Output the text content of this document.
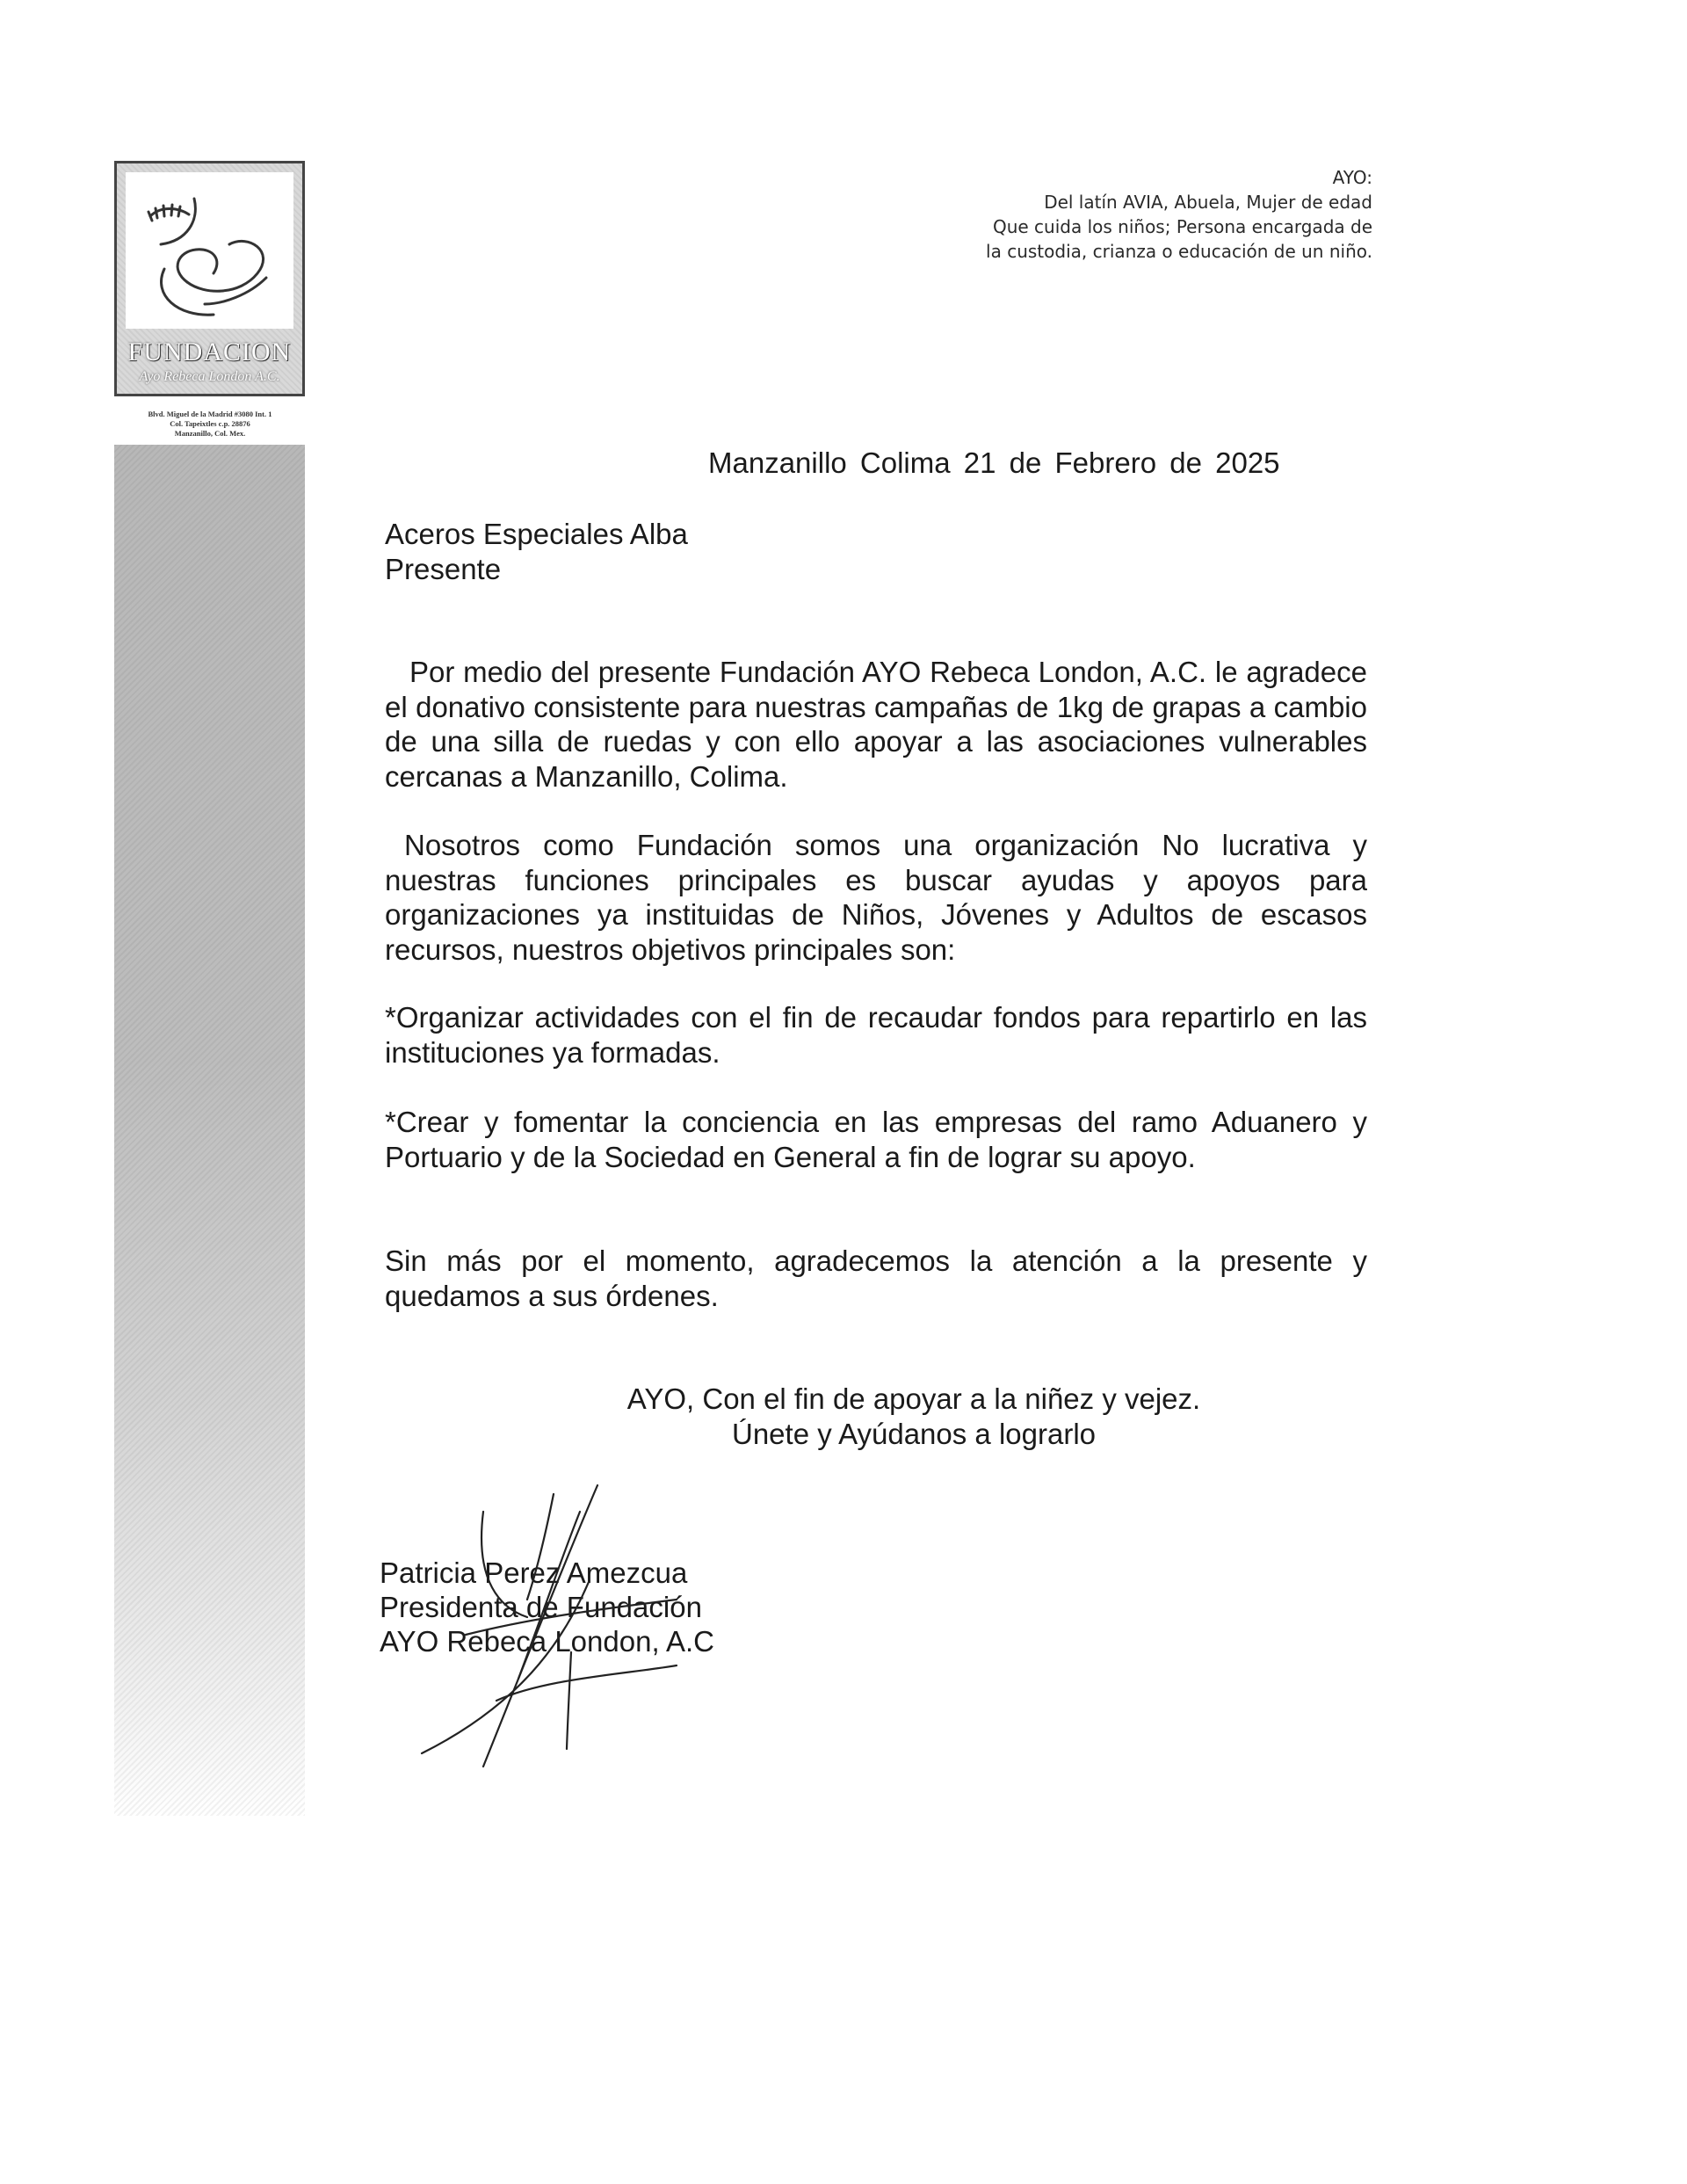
FUNDACION
Ayo Rebeca London A.C.
Blvd. Miguel de la Madrid #3080 Int. 1
Col. Tapeixtles c.p. 28876
Manzanillo, Col. Mex.
AYO:
Del latín AVIA, Abuela, Mujer de edad
Que cuida los niños; Persona encargada de
la custodia, crianza o educación de un niño.
Manzanillo Colima 21 de Febrero de 2025
Aceros Especiales Alba
Presente

Por medio del presente Fundación AYO Rebeca London, A.C. le agradece el donativo consistente para nuestras campañas de 1kg de grapas a cambio de una silla de ruedas y con ello apoyar a las asociaciones vulnerables cercanas a Manzanillo, Colima.

Nosotros como Fundación somos una organización No lucrativa y nuestras funciones principales es buscar ayudas y apoyos para organizaciones ya instituidas de Niños, Jóvenes y Adultos de escasos recursos, nuestros objetivos principales son:

*Organizar actividades con el fin de recaudar fondos para repartirlo en las instituciones ya formadas.

*Crear y fomentar la conciencia en las empresas del ramo Aduanero y Portuario y de la Sociedad en General a fin de lograr su apoyo.

Sin más por el momento, agradecemos la atención a la presente y quedamos a sus órdenes.

AYO, Con el fin de apoyar a la niñez y vejez.
Únete y Ayúdanos a lograrlo
Patricia Perez Amezcua
Presidenta de Fundación
AYO Rebeca London, A.C
